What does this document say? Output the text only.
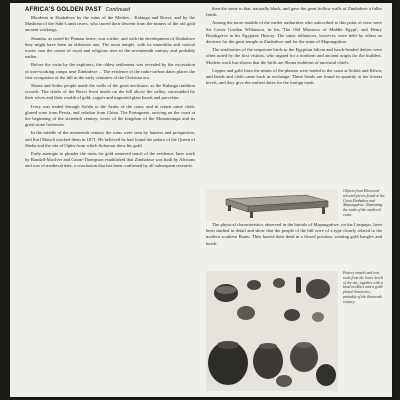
AFRICA'S GOLDEN PAST Continued

Rhodesia at Zimbabwe by the ruins of the Mediev... Kalanga and Rozvi; and by the Mashona of the Sabi-Lundi rivers, who traced their descent from the miners of the old gold ancient workings.

Shamba, as noted by Pinnaar knew, was a tribe; and with the development of Zimbabwe they might have been an elaborate one. The main temple, with its monoliths and conical tower, was the centre of royal and religious rites in the seventeenth century and probably earlier.

Before the visits by the explorers, the oldest settlement was revealed by the excavation of iron-working camps near Zimbabwe ... The evidence of the radio-carbon dates places the first occupation of the hill in the early centuries of the Christian era.

Shona and Sotho people made the walls of the great enclosure, as the Kalanga tradition records. The chiefs of the Rozvi lived inside on the hill above the valley, surrounded by their wives and their wealth of gold, copper and imported glass beads and porcelain.

Ivory was traded through Sofala to the Arabs of the coast, and in return came cloth, glazed ware from Persia, and celadon from China. The Portuguese, arriving on the coast at the beginning of the sixteenth century, wrote of the kingdom of the Monomotapa and its great stone fortresses.

In the middle of the nineteenth century the ruins were seen by hunters and prospectors, and Karl Mauch reached them in 1871. He believed he had found the palace of the Queen of Sheba and the site of Ophir from which Solomon drew his gold.

Early attempts to plunder the ruins for gold removed much of the evidence; later work by Randall-MacIver and Caton-Thompson established that Zimbabwe was built by Africans and was of medieval date, a conclusion that has been confirmed by all subsequent research.

then the stone to that, naturally black, and gave the great hollow walls of Zimbabwe a fuller finish.

Among the more notable of the earlier authorities who subscribed to this point of view were Sir Lewis Gordon Wilkinson, in his 'The Old Monsters of Middle Egypt', and Henry Bourkgrave in his Egyptian History. The same influences, however, were held by others as decisive for the great temple at Zimbabwe and for the ruins of Mapungubwe.

The similarities of the soapstone birds to the Egyptian falcon and hawk-headed deities were often noted by the first visitors, who argued for a northern and ancient origin for the builders. Modern work has shown that the birds are Shona emblems of ancestral chiefs.

Copper and gold from the mines of the plateau were traded to the coast at Sofala and Kilwa, and beads and cloth came back in exchange. These beads are found in quantity at the lowest levels, and they give the earliest dates for the foreign trade.

Objects from Kilwa and selected pieces found at the Great Zimbabwe and Mapungubwe, illustrating the trade of the medieval coast.

The physical characteristics observed in the burials of Mapungubwe, on the Limpopo, have been studied in detail and show that the people of the hill were of a type closely related to the modern southern Bantu. They buried their dead in a flexed position, wearing gold bangles and beads.

Pottery vessels and iron tools from the lower levels of the site, together with a bead necklace and a gold-plated rhinoceros, probably of the thirteenth century.
